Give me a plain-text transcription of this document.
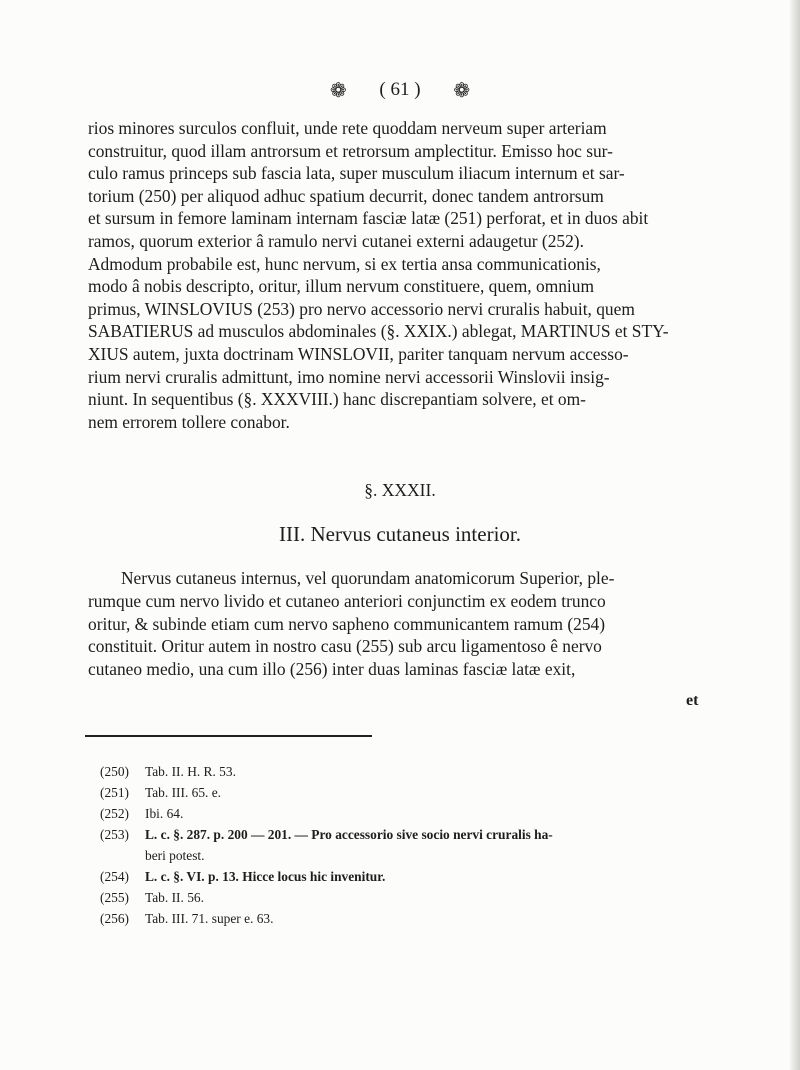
❁ ( 61 ) ❁

rios minores surculos confluit, unde rete quoddam nerveum super arteriam

construitur, quod illam antrorsum et retrorsum amplectitur. Emisso hoc sur-

culo ramus princeps sub fascia lata, super musculum iliacum internum et sar-

torium (250) per aliquod adhuc spatium decurrit, donec tandem antrorsum

et sursum in femore laminam internam fasciæ latæ (251) perforat, et in duos abit

ramos, quorum exterior â ramulo nervi cutanei externi adaugetur (252).

Admodum probabile est, hunc nervum, si ex tertia ansa communicationis,

modo â nobis descripto, oritur, illum nervum constituere, quem, omnium

primus, WINSLOVIUS (253) pro nervo accessorio nervi cruralis habuit, quem

SABATIERUS ad musculos abdominales (§. XXIX.) ablegat, MARTINUS et STY-

XIUS autem, juxta doctrinam WINSLOVII, pariter tanquam nervum accesso-

rium nervi cruralis admittunt, imo nomine nervi accessorii Winslovii insig-

niunt. In sequentibus (§. XXXVIII.) hanc discrepantiam solvere, et om-

nem errorem tollere conabor.

§. XXXII.
III. Nervus cutaneus interior.

Nervus cutaneus internus, vel quorundam anatomicorum Superior, ple-

rumque cum nervo livido et cutaneo anteriori conjunctim ex eodem trunco

oritur, & subinde etiam cum nervo sapheno communicantem ramum (254)

constituit. Oritur autem in nostro casu (255) sub arcu ligamentoso ê nervo

cutaneo medio, una cum illo (256) inter duas laminas fasciæ latæ exit,

et
(250) Tab. II. H. R. 53.
(251) Tab. III. 65. e.
(252) Ibi. 64.
(253) L. c. §. 287. p. 200 — 201. — Pro accessorio sive socio nervi cruralis ha-
beri potest.
(254) L. c. §. VI. p. 13. Hicce locus hic invenitur.
(255) Tab. II. 56.
(256) Tab. III. 71. super e. 63.
